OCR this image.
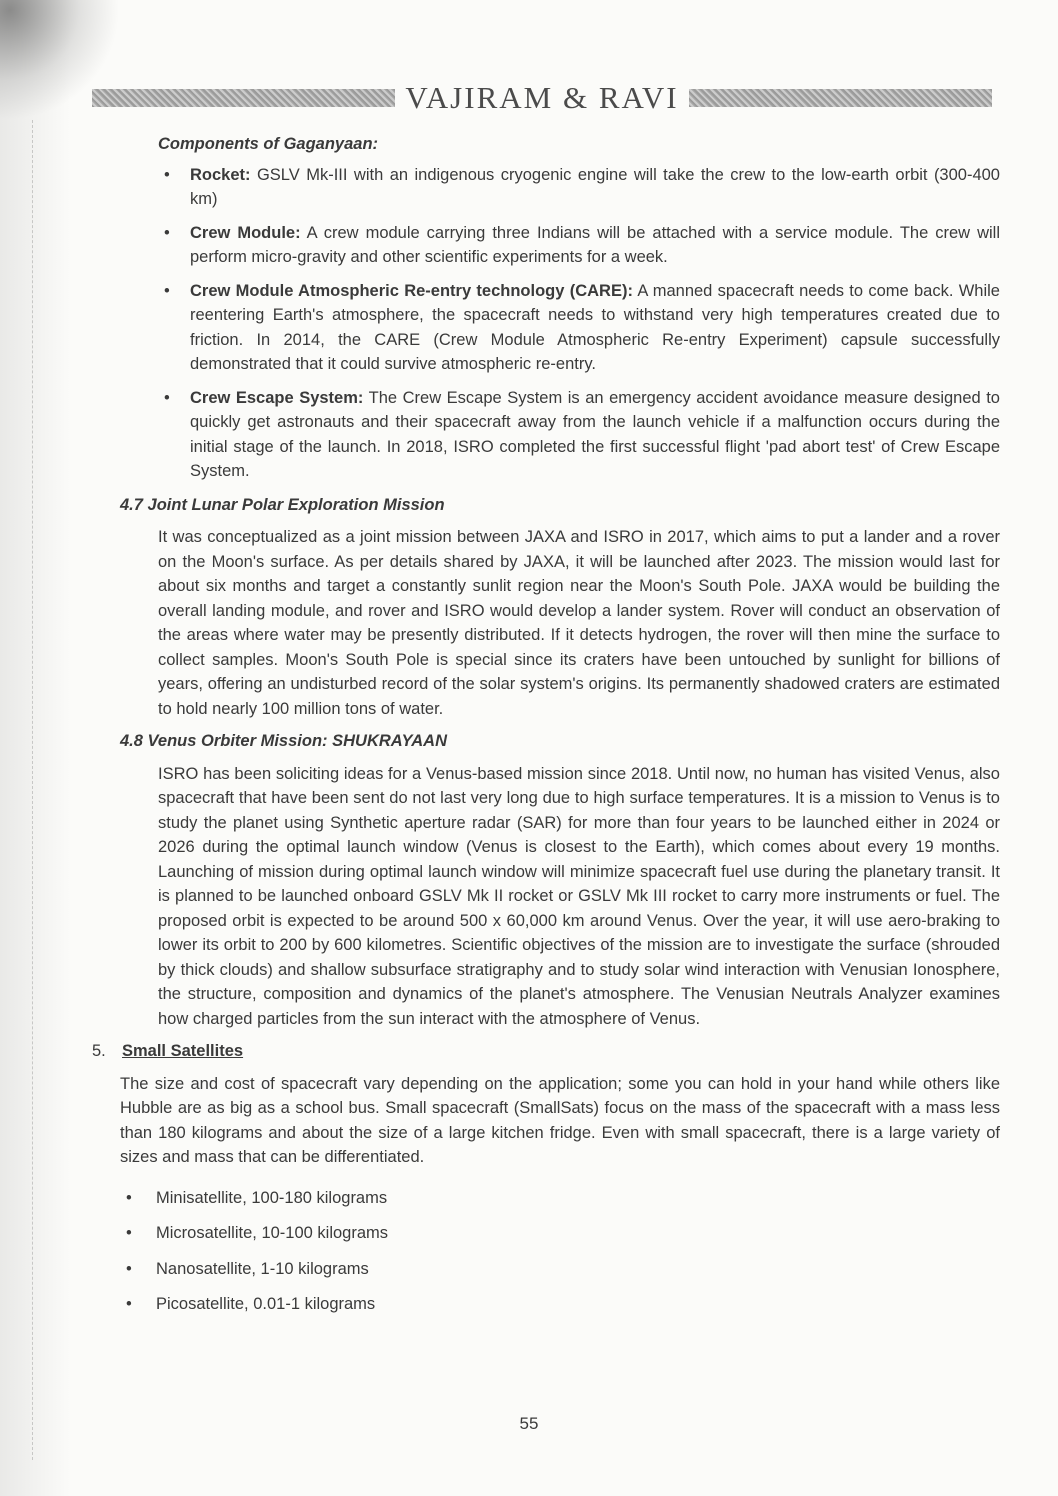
VAJIRAM & RAVI
Components of Gaganyaan:
• Rocket: GSLV Mk-III with an indigenous cryogenic engine will take the crew to the low-earth orbit (300-400 km)
• Crew Module: A crew module carrying three Indians will be attached with a service module. The crew will perform micro-gravity and other scientific experiments for a week.
• Crew Module Atmospheric Re-entry technology (CARE): A manned spacecraft needs to come back. While reentering Earth's atmosphere, the spacecraft needs to withstand very high temperatures created due to friction. In 2014, the CARE (Crew Module Atmospheric Re-entry Experiment) capsule successfully demonstrated that it could survive atmospheric re-entry.
• Crew Escape System: The Crew Escape System is an emergency accident avoidance measure designed to quickly get astronauts and their spacecraft away from the launch vehicle if a malfunction occurs during the initial stage of the launch. In 2018, ISRO completed the first successful flight 'pad abort test' of Crew Escape System.
4.7 Joint Lunar Polar Exploration Mission

It was conceptualized as a joint mission between JAXA and ISRO in 2017, which aims to put a lander and a rover on the Moon's surface. As per details shared by JAXA, it will be launched after 2023. The mission would last for about six months and target a constantly sunlit region near the Moon's South Pole. JAXA would be building the overall landing module, and rover and ISRO would develop a lander system. Rover will conduct an observation of the areas where water may be presently distributed. If it detects hydrogen, the rover will then mine the surface to collect samples. Moon's South Pole is special since its craters have been untouched by sunlight for billions of years, offering an undisturbed record of the solar system's origins. Its permanently shadowed craters are estimated to hold nearly 100 million tons of water.

4.8 Venus Orbiter Mission: SHUKRAYAAN

ISRO has been soliciting ideas for a Venus-based mission since 2018. Until now, no human has visited Venus, also spacecraft that have been sent do not last very long due to high surface temperatures. It is a mission to Venus is to study the planet using Synthetic aperture radar (SAR) for more than four years to be launched either in 2024 or 2026 during the optimal launch window (Venus is closest to the Earth), which comes about every 19 months. Launching of mission during optimal launch window will minimize spacecraft fuel use during the planetary transit. It is planned to be launched onboard GSLV Mk II rocket or GSLV Mk III rocket to carry more instruments or fuel. The proposed orbit is expected to be around 500 x 60,000 km around Venus. Over the year, it will use aero-braking to lower its orbit to 200 by 600 kilometres. Scientific objectives of the mission are to investigate the surface (shrouded by thick clouds) and shallow subsurface stratigraphy and to study solar wind interaction with Venusian Ionosphere, the structure, composition and dynamics of the planet's atmosphere. The Venusian Neutrals Analyzer examines how charged particles from the sun interact with the atmosphere of Venus.

5. Small Satellites

The size and cost of spacecraft vary depending on the application; some you can hold in your hand while others like Hubble are as big as a school bus. Small spacecraft (SmallSats) focus on the mass of the spacecraft with a mass less than 180 kilograms and about the size of a large kitchen fridge. Even with small spacecraft, there is a large variety of sizes and mass that can be differentiated.

• Minisatellite, 100-180 kilograms
• Microsatellite, 10-100 kilograms
• Nanosatellite, 1-10 kilograms
• Picosatellite, 0.01-1 kilograms
55
